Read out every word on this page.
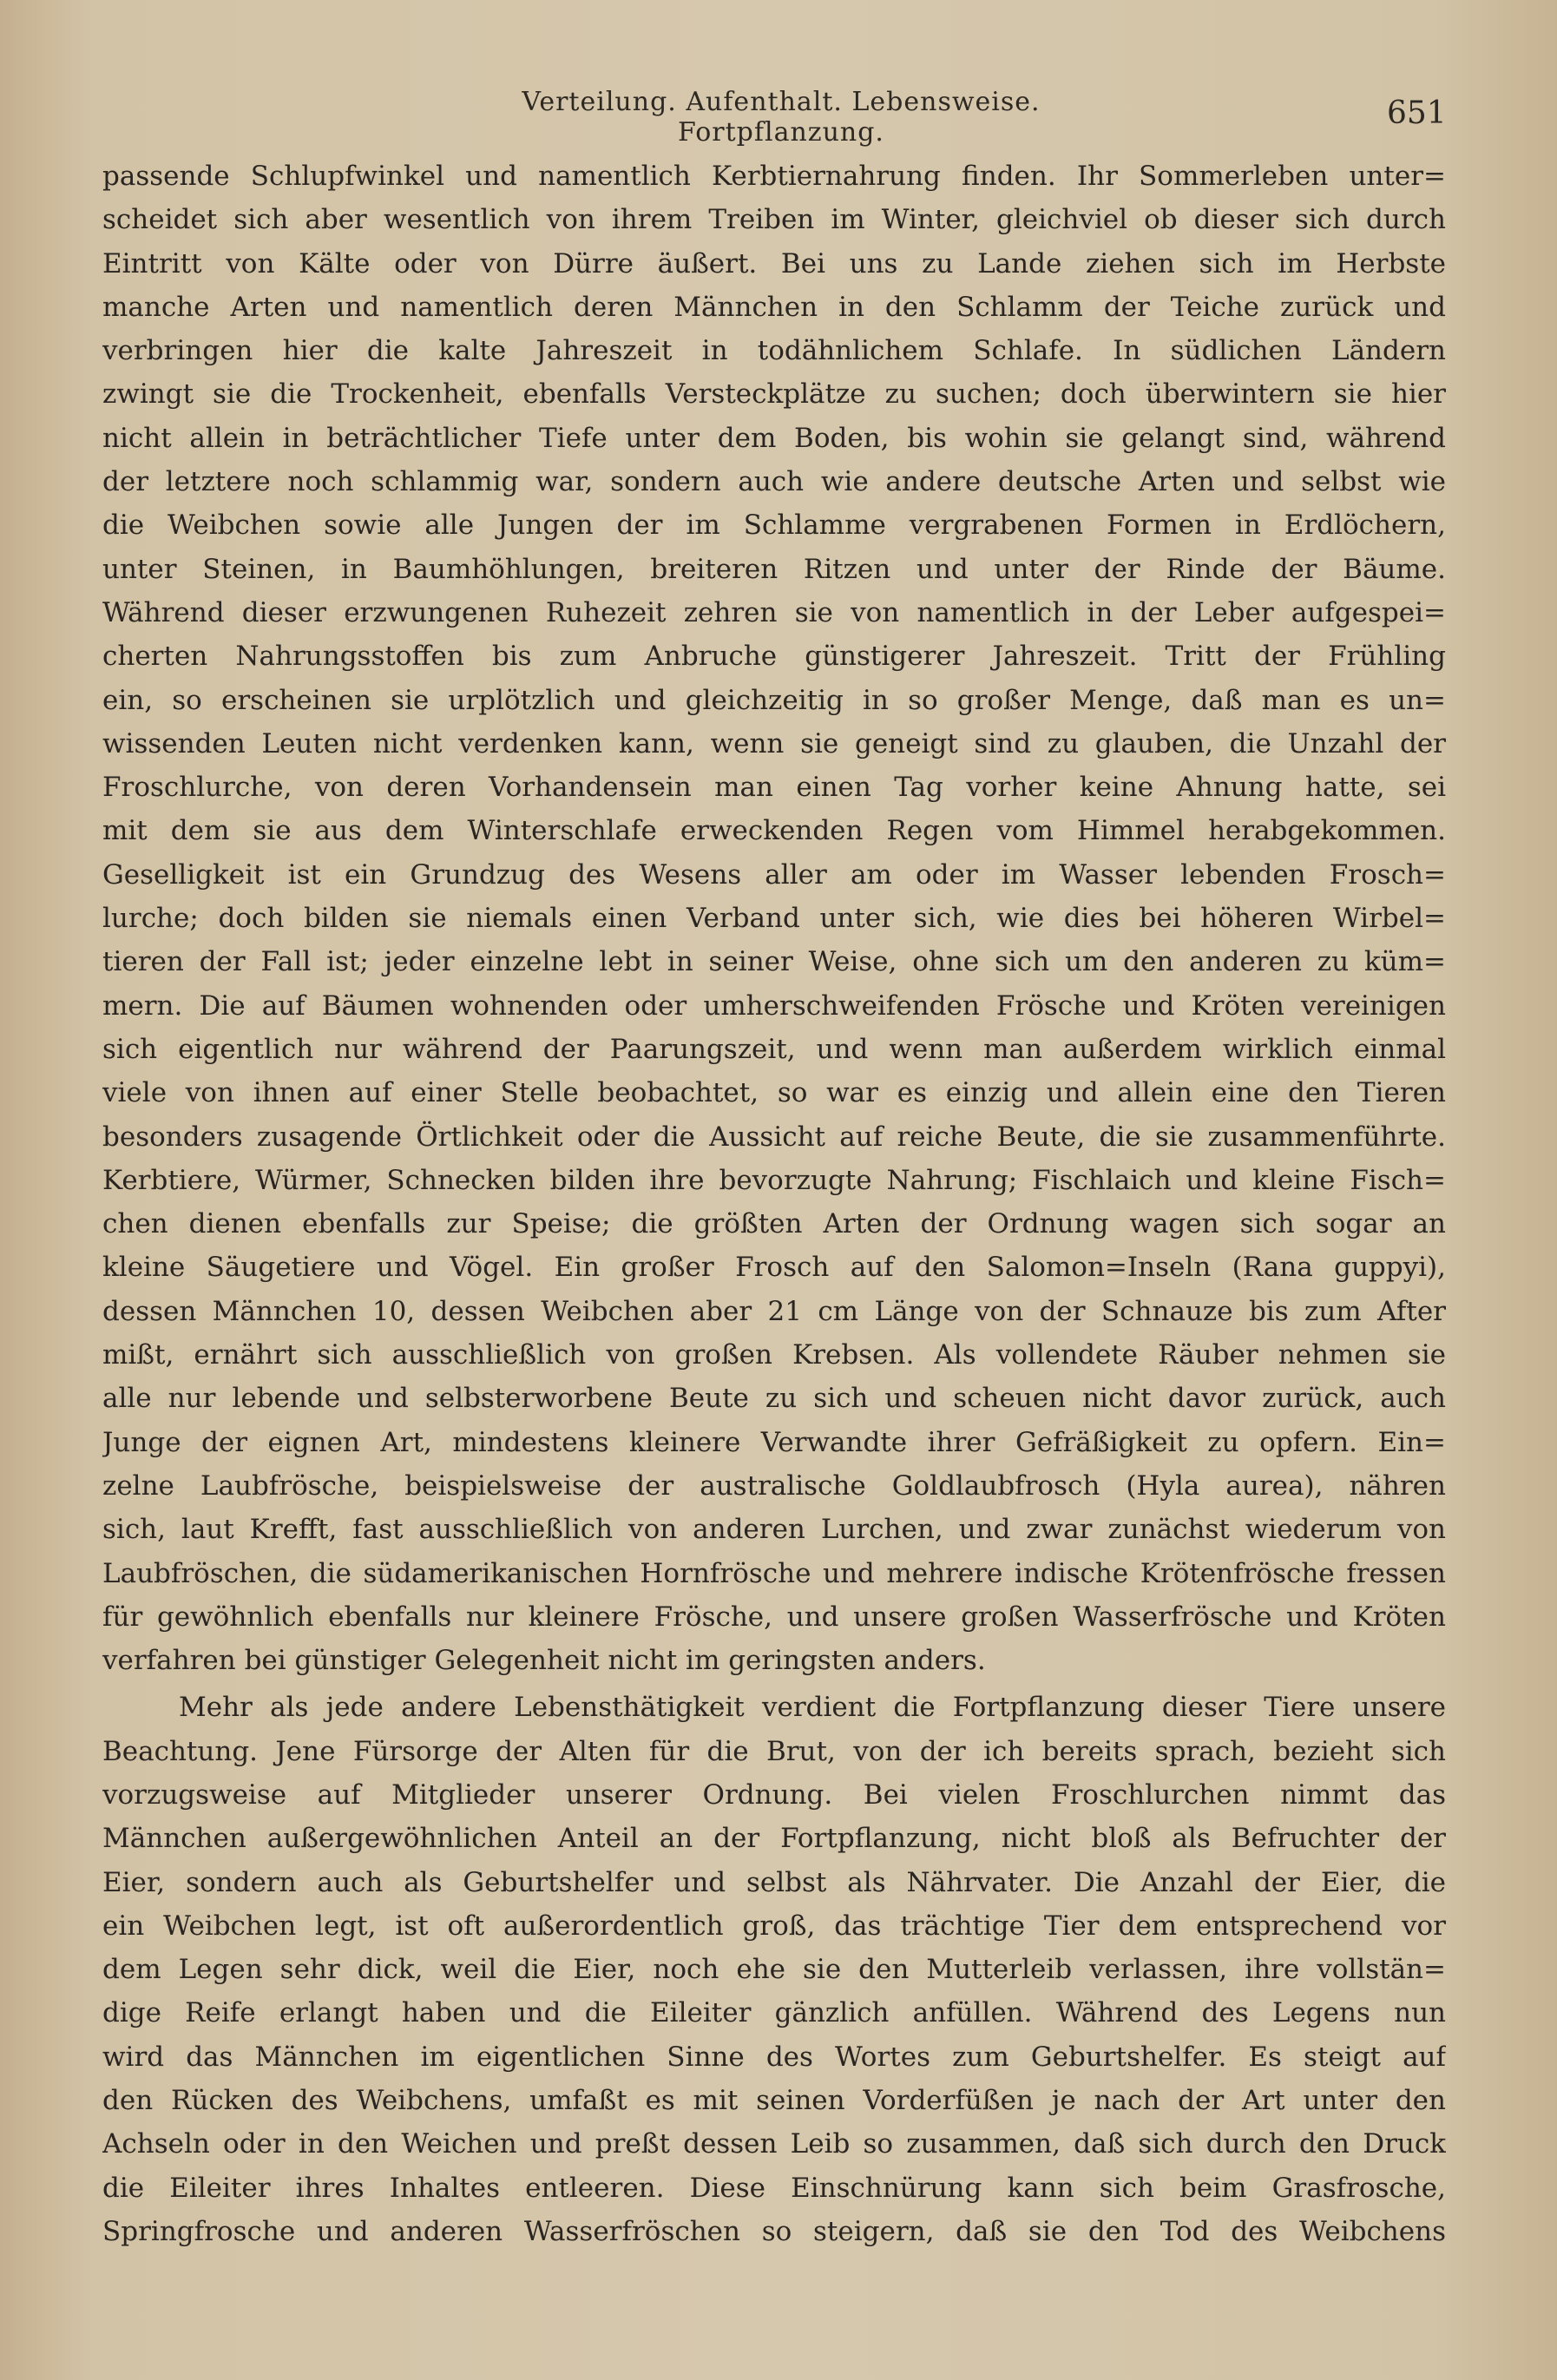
Verteilung. Aufenthalt. Lebensweise. Fortpflanzung.
651
passende Schlupfwinkel und namentlich Kerbtiernahrung finden. Ihr Sommerleben unter=
scheidet sich aber wesentlich von ihrem Treiben im Winter, gleichviel ob dieser sich durch
Eintritt von Kälte oder von Dürre äußert. Bei uns zu Lande ziehen sich im Herbste
manche Arten und namentlich deren Männchen in den Schlamm der Teiche zurück und
verbringen hier die kalte Jahreszeit in todähnlichem Schlafe. In südlichen Ländern
zwingt sie die Trockenheit, ebenfalls Versteckplätze zu suchen; doch überwintern sie hier
nicht allein in beträchtlicher Tiefe unter dem Boden, bis wohin sie gelangt sind, während
der letztere noch schlammig war, sondern auch wie andere deutsche Arten und selbst wie
die Weibchen sowie alle Jungen der im Schlamme vergrabenen Formen in Erdlöchern,
unter Steinen, in Baumhöhlungen, breiteren Ritzen und unter der Rinde der Bäume.
Während dieser erzwungenen Ruhezeit zehren sie von namentlich in der Leber aufgespei=
cherten Nahrungsstoffen bis zum Anbruche günstigerer Jahreszeit. Tritt der Frühling
ein, so erscheinen sie urplötzlich und gleichzeitig in so großer Menge, daß man es un=
wissenden Leuten nicht verdenken kann, wenn sie geneigt sind zu glauben, die Unzahl der
Froschlurche, von deren Vorhandensein man einen Tag vorher keine Ahnung hatte, sei
mit dem sie aus dem Winterschlafe erweckenden Regen vom Himmel herabgekommen.
Geselligkeit ist ein Grundzug des Wesens aller am oder im Wasser lebenden Frosch=
lurche; doch bilden sie niemals einen Verband unter sich, wie dies bei höheren Wirbel=
tieren der Fall ist; jeder einzelne lebt in seiner Weise, ohne sich um den anderen zu küm=
mern. Die auf Bäumen wohnenden oder umherschweifenden Frösche und Kröten vereinigen
sich eigentlich nur während der Paarungszeit, und wenn man außerdem wirklich einmal
viele von ihnen auf einer Stelle beobachtet, so war es einzig und allein eine den Tieren
besonders zusagende Örtlichkeit oder die Aussicht auf reiche Beute, die sie zusammenführte.
Kerbtiere, Würmer, Schnecken bilden ihre bevorzugte Nahrung; Fischlaich und kleine Fisch=
chen dienen ebenfalls zur Speise; die größten Arten der Ordnung wagen sich sogar an
kleine Säugetiere und Vögel. Ein großer Frosch auf den Salomon=Inseln (Rana guppyi),
dessen Männchen 10, dessen Weibchen aber 21 cm Länge von der Schnauze bis zum After
mißt, ernährt sich ausschließlich von großen Krebsen. Als vollendete Räuber nehmen sie
alle nur lebende und selbsterworbene Beute zu sich und scheuen nicht davor zurück, auch
Junge der eignen Art, mindestens kleinere Verwandte ihrer Gefräßigkeit zu opfern. Ein=
zelne Laubfrösche, beispielsweise der australische Goldlaubfrosch (Hyla aurea), nähren
sich, laut Krefft, fast ausschließlich von anderen Lurchen, und zwar zunächst wiederum von
Laubfröschen, die südamerikanischen Hornfrösche und mehrere indische Krötenfrösche fressen
für gewöhnlich ebenfalls nur kleinere Frösche, und unsere großen Wasserfrösche und Kröten
verfahren bei günstiger Gelegenheit nicht im geringsten anders.
Mehr als jede andere Lebensthätigkeit verdient die Fortpflanzung dieser Tiere unsere
Beachtung. Jene Fürsorge der Alten für die Brut, von der ich bereits sprach, bezieht sich
vorzugsweise auf Mitglieder unserer Ordnung. Bei vielen Froschlurchen nimmt das
Männchen außergewöhnlichen Anteil an der Fortpflanzung, nicht bloß als Befruchter der
Eier, sondern auch als Geburtshelfer und selbst als Nährvater. Die Anzahl der Eier, die
ein Weibchen legt, ist oft außerordentlich groß, das trächtige Tier dem entsprechend vor
dem Legen sehr dick, weil die Eier, noch ehe sie den Mutterleib verlassen, ihre vollstän=
dige Reife erlangt haben und die Eileiter gänzlich anfüllen. Während des Legens nun
wird das Männchen im eigentlichen Sinne des Wortes zum Geburtshelfer. Es steigt auf
den Rücken des Weibchens, umfaßt es mit seinen Vorderfüßen je nach der Art unter den
Achseln oder in den Weichen und preßt dessen Leib so zusammen, daß sich durch den Druck
die Eileiter ihres Inhaltes entleeren. Diese Einschnürung kann sich beim Grasfrosche,
Springfrosche und anderen Wasserfröschen so steigern, daß sie den Tod des Weibchens
